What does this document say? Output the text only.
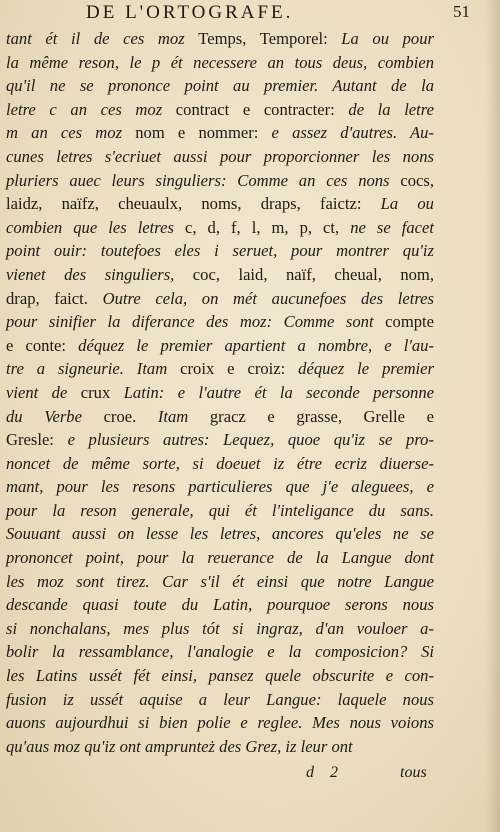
DE L'ORTOGRAFE.	51
tant ét il de ces moz Temps, Temporel: La ou pour
la même reson, le p ét necessere an tous deus, combien
qu'il ne se prononce point au premier. Autant de la
letre c an ces moz contract e contracter: de la letre
m an ces moz nom e nommer: e assez d'autres. Au-
cunes letres s'ecriuet aussi pour proporcionner les nons
pluriers auec leurs singuliers: Comme an ces nons cocs,
laidz, naïfz, cheuaulx, noms, draps, faictz: La ou
combien que les letres c, d, f, l, m, p, ct, ne se facet
point ouir: toutefoes eles i seruet, pour montrer qu'iz
vienet des singuliers, coc, laid, naïf, cheual, nom,
drap, faict. Outre cela, on mét aucunefoes des letres
pour sinifier la diferance des moz: Comme sont compte
e conte: déquez le premier apartient a nombre, e l'au-
tre a signeurie. Itam croix e croiz: déquez le premier
vient de crux Latin: e l'autre ét la seconde personne
du Verbe croe. Itam gracz e grasse, Grelle e
Gresle: e plusieurs autres: Lequez, quoe qu'iz se pro-
noncet de même sorte, si doeuet iz étre ecriz diuerse-
mant, pour les resons particulieres que j'e aleguees, e
pour la reson generale, qui ét l'inteligance du sans.
Souuant aussi on lesse les letres, ancores qu'eles ne se
prononcet point, pour la reuerance de la Langue dont
les moz sont tirez. Car s'il ét einsi que notre Langue
descande quasi toute du Latin, pourquoe serons nous
si nonchalans, mes plus tót si ingraz, d'an vouloer a-
bolir la ressamblance, l'analogie e la composicion? Si
les Latins ussét fét einsi, pansez quele obscurite e con-
fusion iz ussét aquise a leur Langue: laquele nous
auons aujourdhui si bien polie e reglee. Mes nous voions
qu'aus moz qu'iz ont amprunteż des Grez, iz leur ont
d 2	tous
